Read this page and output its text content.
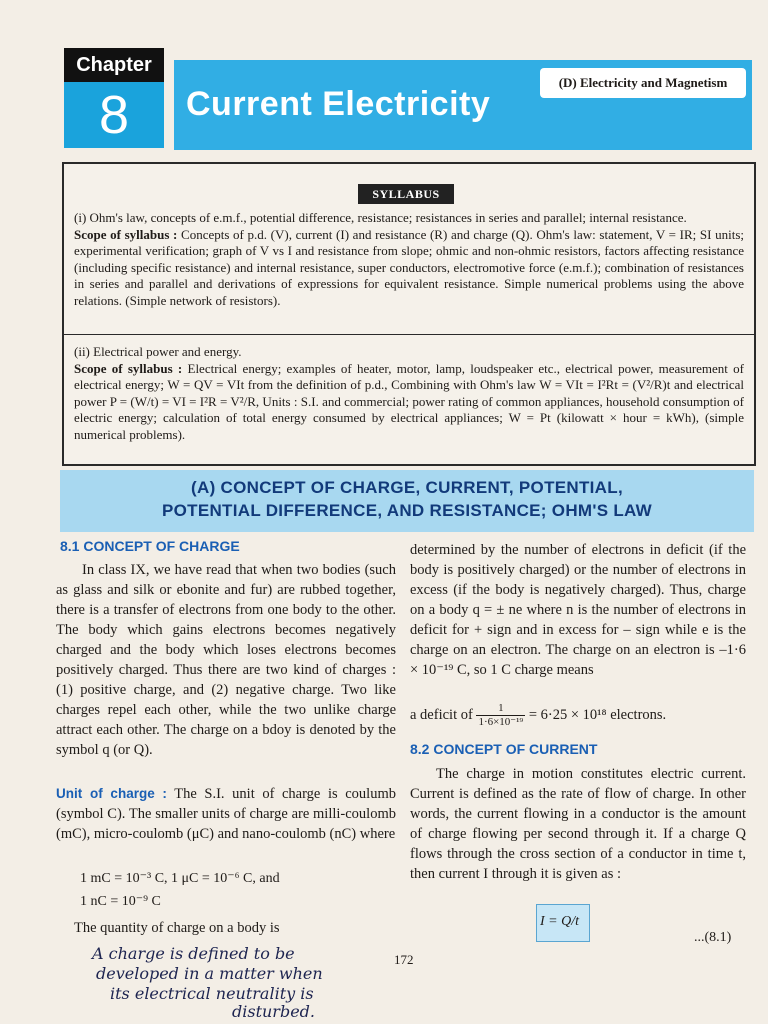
Chapter
8	Current Electricity
(D) Electricity and Magnetism
SYLLABUS
(i) Ohm's law, concepts of e.m.f., potential difference, resistance; resistances in series and parallel; internal resistance.
Scope of syllabus : Concepts of p.d. (V), current (I) and resistance (R) and charge (Q). Ohm's law: statement, V = IR; SI units; experimental verification; graph of V vs I and resistance from slope; ohmic and non-ohmic resistors, factors affecting resistance (including specific resistance) and internal resistance, super conductors, electromotive force (e.m.f.); combination of resistances in series and parallel and derivations of expressions for equivalent resistance. Simple numerical problems using the above relations. (Simple network of resistors).
(ii) Electrical power and energy.
Scope of syllabus : Electrical energy; examples of heater, motor, lamp, loudspeaker etc., electrical power, measurement of electrical energy; W = QV = VIt from the definition of p.d., Combining with Ohm's law W = VIt = I²Rt = (V²/R)t and electrical power P = (W/t) = VI = I²R = V²/R, Units : S.I. and commercial; power rating of common appliances, household consumption of electric energy; calculation of total energy consumed by electrical appliances; W = Pt (kilowatt × hour = kWh), (simple numerical problems).
(A) CONCEPT OF CHARGE, CURRENT, POTENTIAL,
POTENTIAL DIFFERENCE, AND RESISTANCE; OHM'S LAW
8.1 CONCEPT OF CHARGE
In class IX, we have read that when two bodies (such as glass and silk or ebonite and fur) are rubbed together, there is a transfer of electrons from one body to the other. The body which gains electrons becomes negatively charged and the body which loses electrons becomes positively charged. Thus there are two kind of charges : (1) positive charge, and (2) negative charge. Two like charges repel each other, while the two unlike charge attract each other. The charge on a bdoy is denoted by the symbol q (or Q).
Unit of charge : The S.I. unit of charge is coulumb (symbol C). The smaller units of charge are milli-coulomb (mC), micro-coulomb (μC) and nano-coulomb (nC) where
1 mC = 10⁻³ C, 1 μC = 10⁻⁶ C, and
1 nC = 10⁻⁹ C
The quantity of charge on a body is
determined by the number of electrons in deficit (if the body is positively charged) or the number of electrons in excess (if the body is negatively charged). Thus, charge on a body q = ± ne where n is the number of electrons in deficit for + sign and in excess for – sign while e is the charge on an electron. The charge on an electron is –1·6 × 10⁻¹⁹ C, so 1 C charge means
a deficit of $\frac{1}{\text{1·6×10⁻¹⁹}} = 6\cdot 25 \times 10^{18}$ electrons.
8.2 CONCEPT OF CURRENT
The charge in motion constitutes electric current. Current is defined as the rate of flow of charge. In other words, the current flowing in a conductor is the amount of charge flowing per second through it. If a charge Q flows through the cross section of a conductor in time t, then current I through it is given as :
I = Q/t
...(8.1)
172
A charge is defined to be
developed in a matter when
its electrical neutrality is
disturbed.
